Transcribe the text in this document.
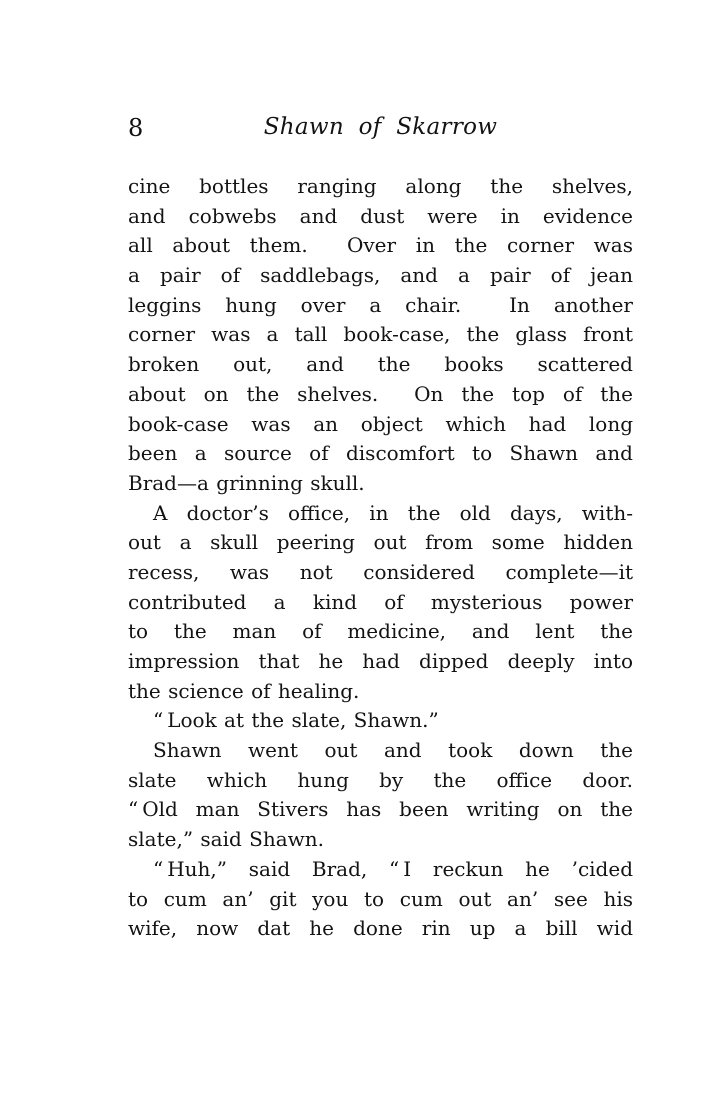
8	Shawn of Skarrow
cine bottles ranging along the shelves,
and cobwebs and dust were in evidence
all about them.  Over in the corner was
a pair of saddlebags, and a pair of jean
leggins hung over a chair.  In another
corner was a tall book-case, the glass front
broken out, and the books scattered
about on the shelves.  On the top of the
book-case was an object which had long
been a source of discomfort to Shawn and
Brad—a grinning skull.
A doctor’s office, in the old days, with-
out a skull peering out from some hidden
recess, was not considered complete—it
contributed a kind of mysterious power
to the man of medicine, and lent the
impression that he had dipped deeply into
the science of healing.
“ Look at the slate, Shawn.”
Shawn went out and took down the
slate which hung by the office door.
“ Old man Stivers has been writing on the
slate,” said Shawn.
“ Huh,” said Brad, “ I reckun he ’cided
to cum an’ git you to cum out an’ see his
wife, now dat he done rin up a bill wid
